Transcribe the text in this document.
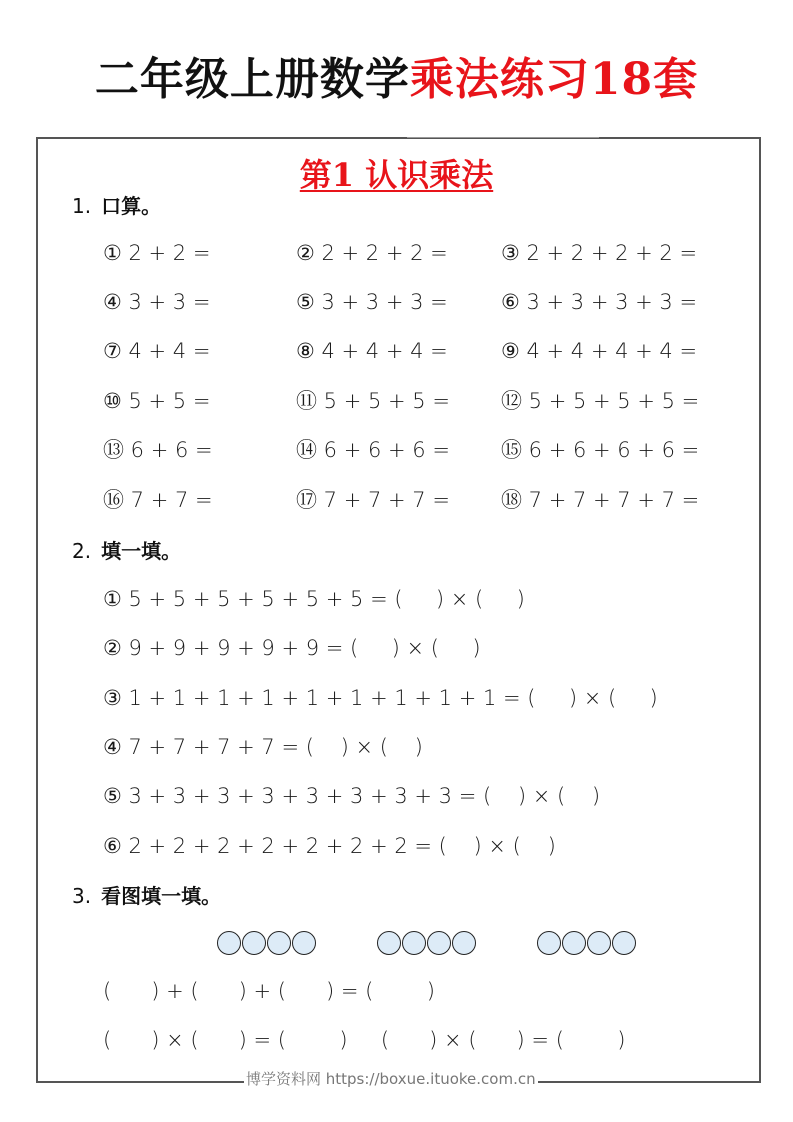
二年级上册数学乘法练习18套
第1 认识乘法
1. 口算。
① 2 + 2 =	② 2 + 2 + 2 =	③ 2 + 2 + 2 + 2 =
④ 3 + 3 =	⑤ 3 + 3 + 3 =	⑥ 3 + 3 + 3 + 3 =
⑦ 4 + 4 =	⑧ 4 + 4 + 4 =	⑨ 4 + 4 + 4 + 4 =
⑩ 5 + 5 =	⑪ 5 + 5 + 5 = ⑫ 5 + 5 + 5 + 5 =
⑬ 6 + 6 =	⑭ 6 + 6 + 6 = ⑮ 6 + 6 + 6 + 6 =
⑯ 7 + 7 =	⑰ 7 + 7 + 7 = ⑱ 7 + 7 + 7 + 7 =
2. 填一填。
① 5 + 5 + 5 + 5 + 5 + 5 = (     ) × (     )
② 9 + 9 + 9 + 9 + 9 = (     ) × (     )
③ 1 + 1 + 1 + 1 + 1 + 1 + 1 + 1 + 1 = (     ) × (     )
④ 7 + 7 + 7 + 7 = (    ) × (    )
⑤ 3 + 3 + 3 + 3 + 3 + 3 + 3 + 3 = (    ) × (    )
⑥ 2 + 2 + 2 + 2 + 2 + 2 + 2 = (    ) × (    )
3. 看图填一填。
(      ) + (      ) + (      ) = (        )
(      ) × (      ) = (        )     (      ) × (      ) = (        )
博学资料网 https://boxue.ituoke.com.cn
